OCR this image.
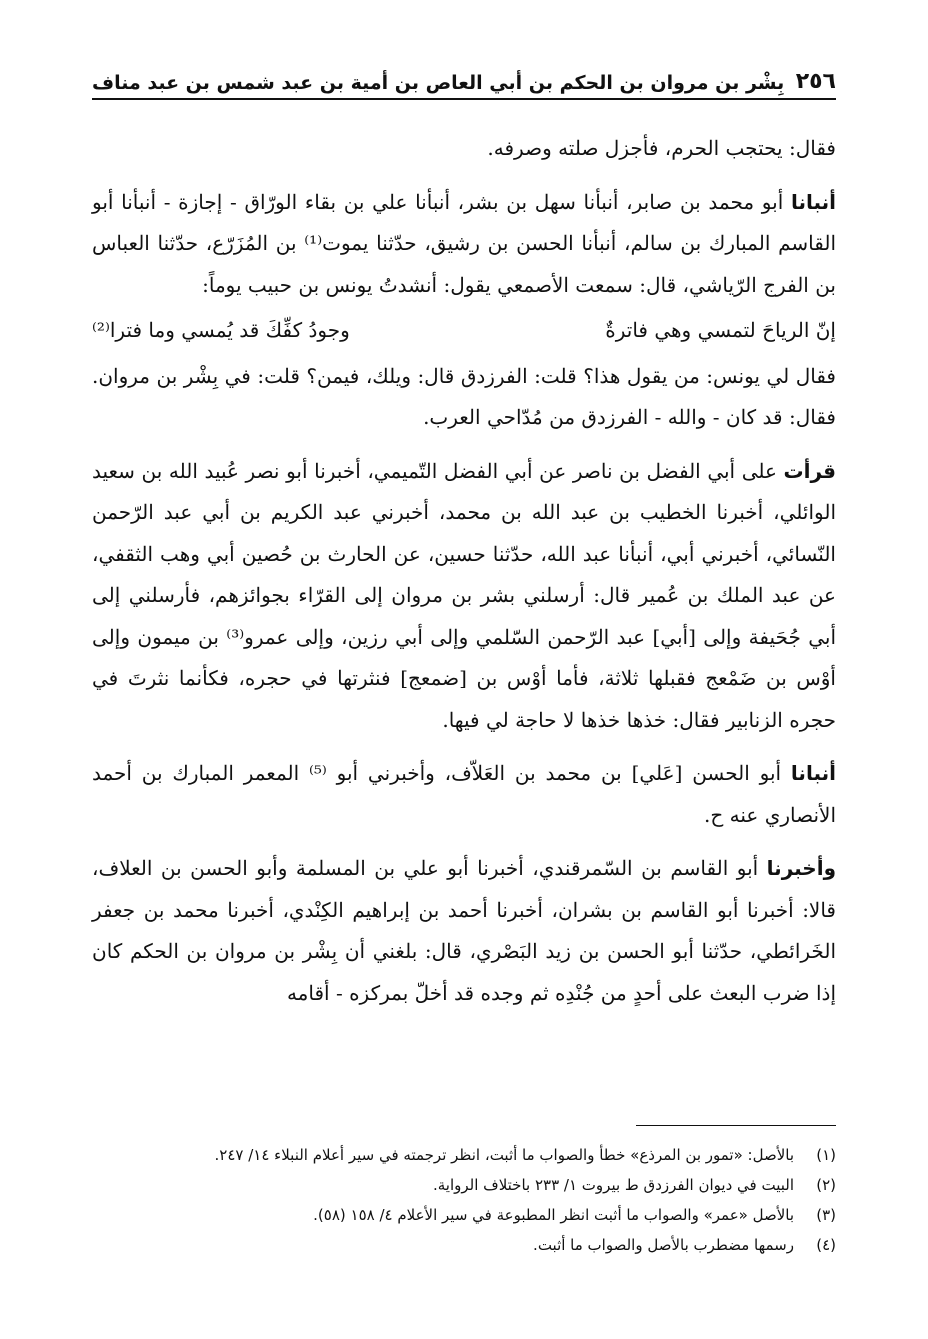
٢٥٦
بِشْر بن مروان بن الحكم بن أبي العاص بن أمية بن عبد شمس بن عبد مناف

فقال: يحتجب الحرم، فأجزل صلته وصرفه.

أنبانا أبو محمد بن صابر، أنبأنا سهل بن بشر، أنبأنا علي بن بقاء الورّاق - إجازة - أنبأنا أبو القاسم المبارك بن سالم، أنبأنا الحسن بن رشيق، حدّثنا يموت⁽¹⁾ بن المُزَرّع، حدّثنا العباس بن الفرج الرّياشي، قال: سمعت الأصمعي يقول: أنشدتُ يونس بن حبيب يوماً:

إنّ الرياحَ لتمسي وهي فاترةٌ
وجودُ كفِّكَ قد يُمسي وما فترا⁽²⁾

فقال لي يونس: من يقول هذا؟ قلت: الفرزدق قال: ويلك، فيمن؟ قلت: في بِشْر بن مروان. فقال: قد كان - والله - الفرزدق من مُدّاحي العرب.

قرأت على أبي الفضل بن ناصر عن أبي الفضل التّميمي، أخبرنا أبو نصر عُبيد الله بن سعيد الوائلي، أخبرنا الخطيب بن عبد الله بن محمد، أخبرني عبد الكريم بن أبي عبد الرّحمن النّسائي، أخبرني أبي، أنبأنا عبد الله، حدّثنا حسين، عن الحارث بن حُصين أبي وهب الثقفي، عن عبد الملك بن عُمير قال: أرسلني بشر بن مروان إلى القرّاء بجوائزهم، فأرسلني إلى أبي جُحَيفة وإلى [أبي] عبد الرّحمن السّلمي وإلى أبي رزين، وإلى عمرو⁽³⁾ بن ميمون وإلى أوْس بن ضَمْعج فقبلها ثلاثة، فأما أوْس بن [ضمعج] فنثرتها في حجره، فكأنما نثرتَ في حجره الزنابير فقال: خذها خذها لا حاجة لي فيها.

أنبانا أبو الحسن [عَلي] بن محمد بن العَلاّف، وأخبرني أبو ⁽⁵⁾ المعمر المبارك بن أحمد الأنصاري عنه ح.

وأخبرنا أبو القاسم بن السّمرقندي، أخبرنا أبو علي بن المسلمة وأبو الحسن بن العلاف، قالا: أخبرنا أبو القاسم بن بشران، أخبرنا أحمد بن إبراهيم الكِنْدي، أخبرنا محمد بن جعفر الخَرائطي، حدّثنا أبو الحسن بن زيد البَصْري، قال: بلغني أن بِشْر بن مروان بن الحكم كان إذا ضرب البعث على أحدٍ من جُنْدِه ثم وجده قد أخلّ بمركزه - أقامه

(١)
بالأصل: «تمور بن المرذع» خطأ والصواب ما أثبت، انظر ترجمته في سير أعلام النبلاء ١٤/ ٢٤٧.
(٢)
البيت في ديوان الفرزدق ط بيروت ١/ ٢٣٣ باختلاف الرواية.
(٣)
بالأصل «عمر» والصواب ما أثبت انظر المطبوعة في سير الأعلام ٤/ ١٥٨ (٥٨).
(٤)
رسمها مضطرب بالأصل والصواب ما أثبت.
